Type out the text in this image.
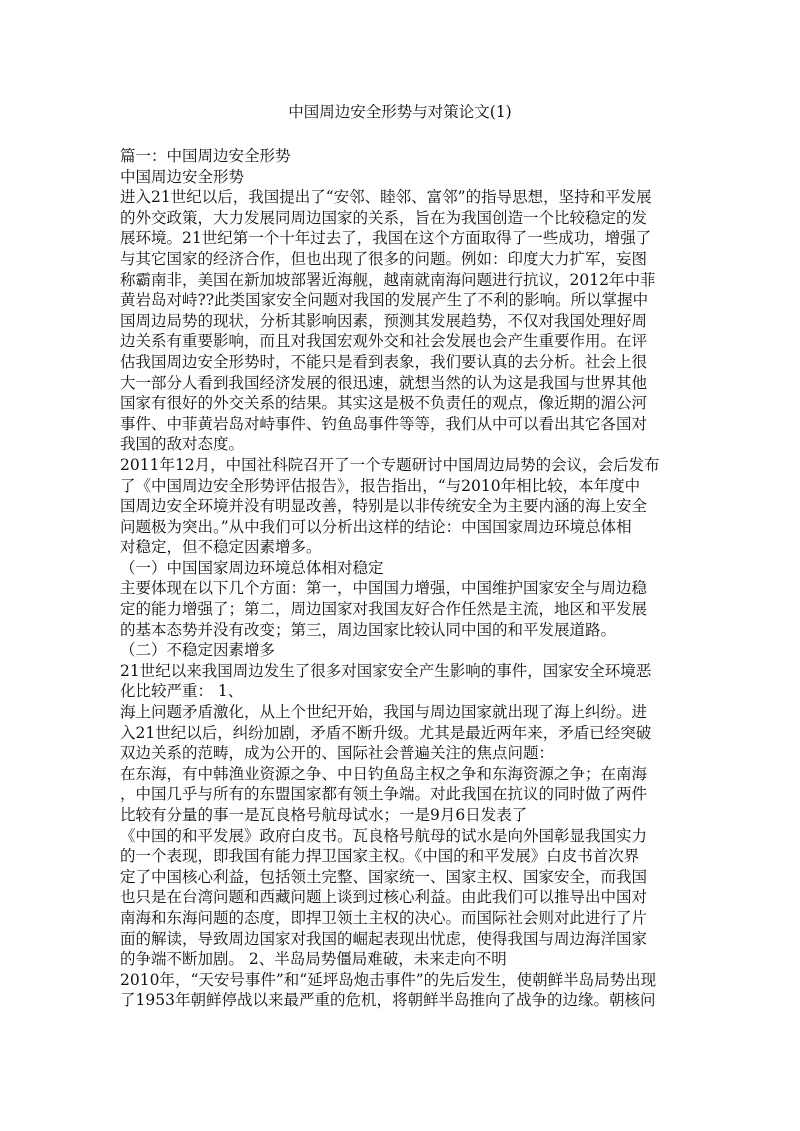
中国周边安全形势与对策论文(1)
篇一：中国周边安全形势
中国周边安全形势
进入21世纪以后，我国提出了“安邻、睦邻、富邻”的指导思想，坚持和平发展
的外交政策，大力发展同周边国家的关系，旨在为我国创造一个比较稳定的发
展环境。21世纪第一个十年过去了，我国在这个方面取得了一些成功，增强了
与其它国家的经济合作，但也出现了很多的问题。例如：印度大力扩军，妄图
称霸南非，美国在新加坡部署近海舰，越南就南海问题进行抗议，2012年中菲
黄岩岛对峙??此类国家安全问题对我国的发展产生了不利的影响。所以掌握中
国周边局势的现状，分析其影响因素，预测其发展趋势，不仅对我国处理好周
边关系有重要影响，而且对我国宏观外交和社会发展也会产生重要作用。在评
估我国周边安全形势时，不能只是看到表象，我们要认真的去分析。社会上很
大一部分人看到我国经济发展的很迅速，就想当然的认为这是我国与世界其他
国家有很好的外交关系的结果。其实这是极不负责任的观点，像近期的湄公河
事件、中菲黄岩岛对峙事件、钓鱼岛事件等等，我们从中可以看出其它各国对
我国的敌对态度。
2011年12月，中国社科院召开了一个专题研讨中国周边局势的会议，会后发布
了《中国周边安全形势评估报告》，报告指出，“与2010年相比较，本年度中
国周边安全环境并没有明显改善，特别是以非传统安全为主要内涵的海上安全
问题极为突出。”从中我们可以分析出这样的结论：中国国家周边环境总体相
对稳定，但不稳定因素增多。
（一）中国国家周边环境总体相对稳定
主要体现在以下几个方面：第一，中国国力增强，中国维护国家安全与周边稳
定的能力增强了；第二，周边国家对我国友好合作任然是主流，地区和平发展
的基本态势并没有改变；第三，周边国家比较认同中国的和平发展道路。
（二）不稳定因素增多
21世纪以来我国周边发生了很多对国家安全产生影响的事件，国家安全环境恶
化比较严重： 1、
海上问题矛盾激化，从上个世纪开始，我国与周边国家就出现了海上纠纷。进
入21世纪以后，纠纷加剧，矛盾不断升级。尤其是最近两年来，矛盾已经突破
双边关系的范畴，成为公开的、国际社会普遍关注的焦点问题：
在东海，有中韩渔业资源之争、中日钓鱼岛主权之争和东海资源之争；在南海
，中国几乎与所有的东盟国家都有领土争端。对此我国在抗议的同时做了两件
比较有分量的事一是瓦良格号航母试水；一是9月6日发表了
《中国的和平发展》政府白皮书。瓦良格号航母的试水是向外国彰显我国实力
的一个表现，即我国有能力捍卫国家主权。《中国的和平发展》白皮书首次界
定了中国核心利益，包括领土完整、国家统一、国家主权、国家安全，而我国
也只是在台湾问题和西藏问题上谈到过核心利益。由此我们可以推导出中国对
南海和东海问题的态度，即捍卫领土主权的决心。而国际社会则对此进行了片
面的解读，导致周边国家对我国的崛起表现出忧虑，使得我国与周边海洋国家
的争端不断加剧。 2、半岛局势僵局难破，未来走向不明
2010年，“天安号事件”和“延坪岛炮击事件”的先后发生，使朝鲜半岛局势出现
了1953年朝鲜停战以来最严重的危机，将朝鲜半岛推向了战争的边缘。朝核问
